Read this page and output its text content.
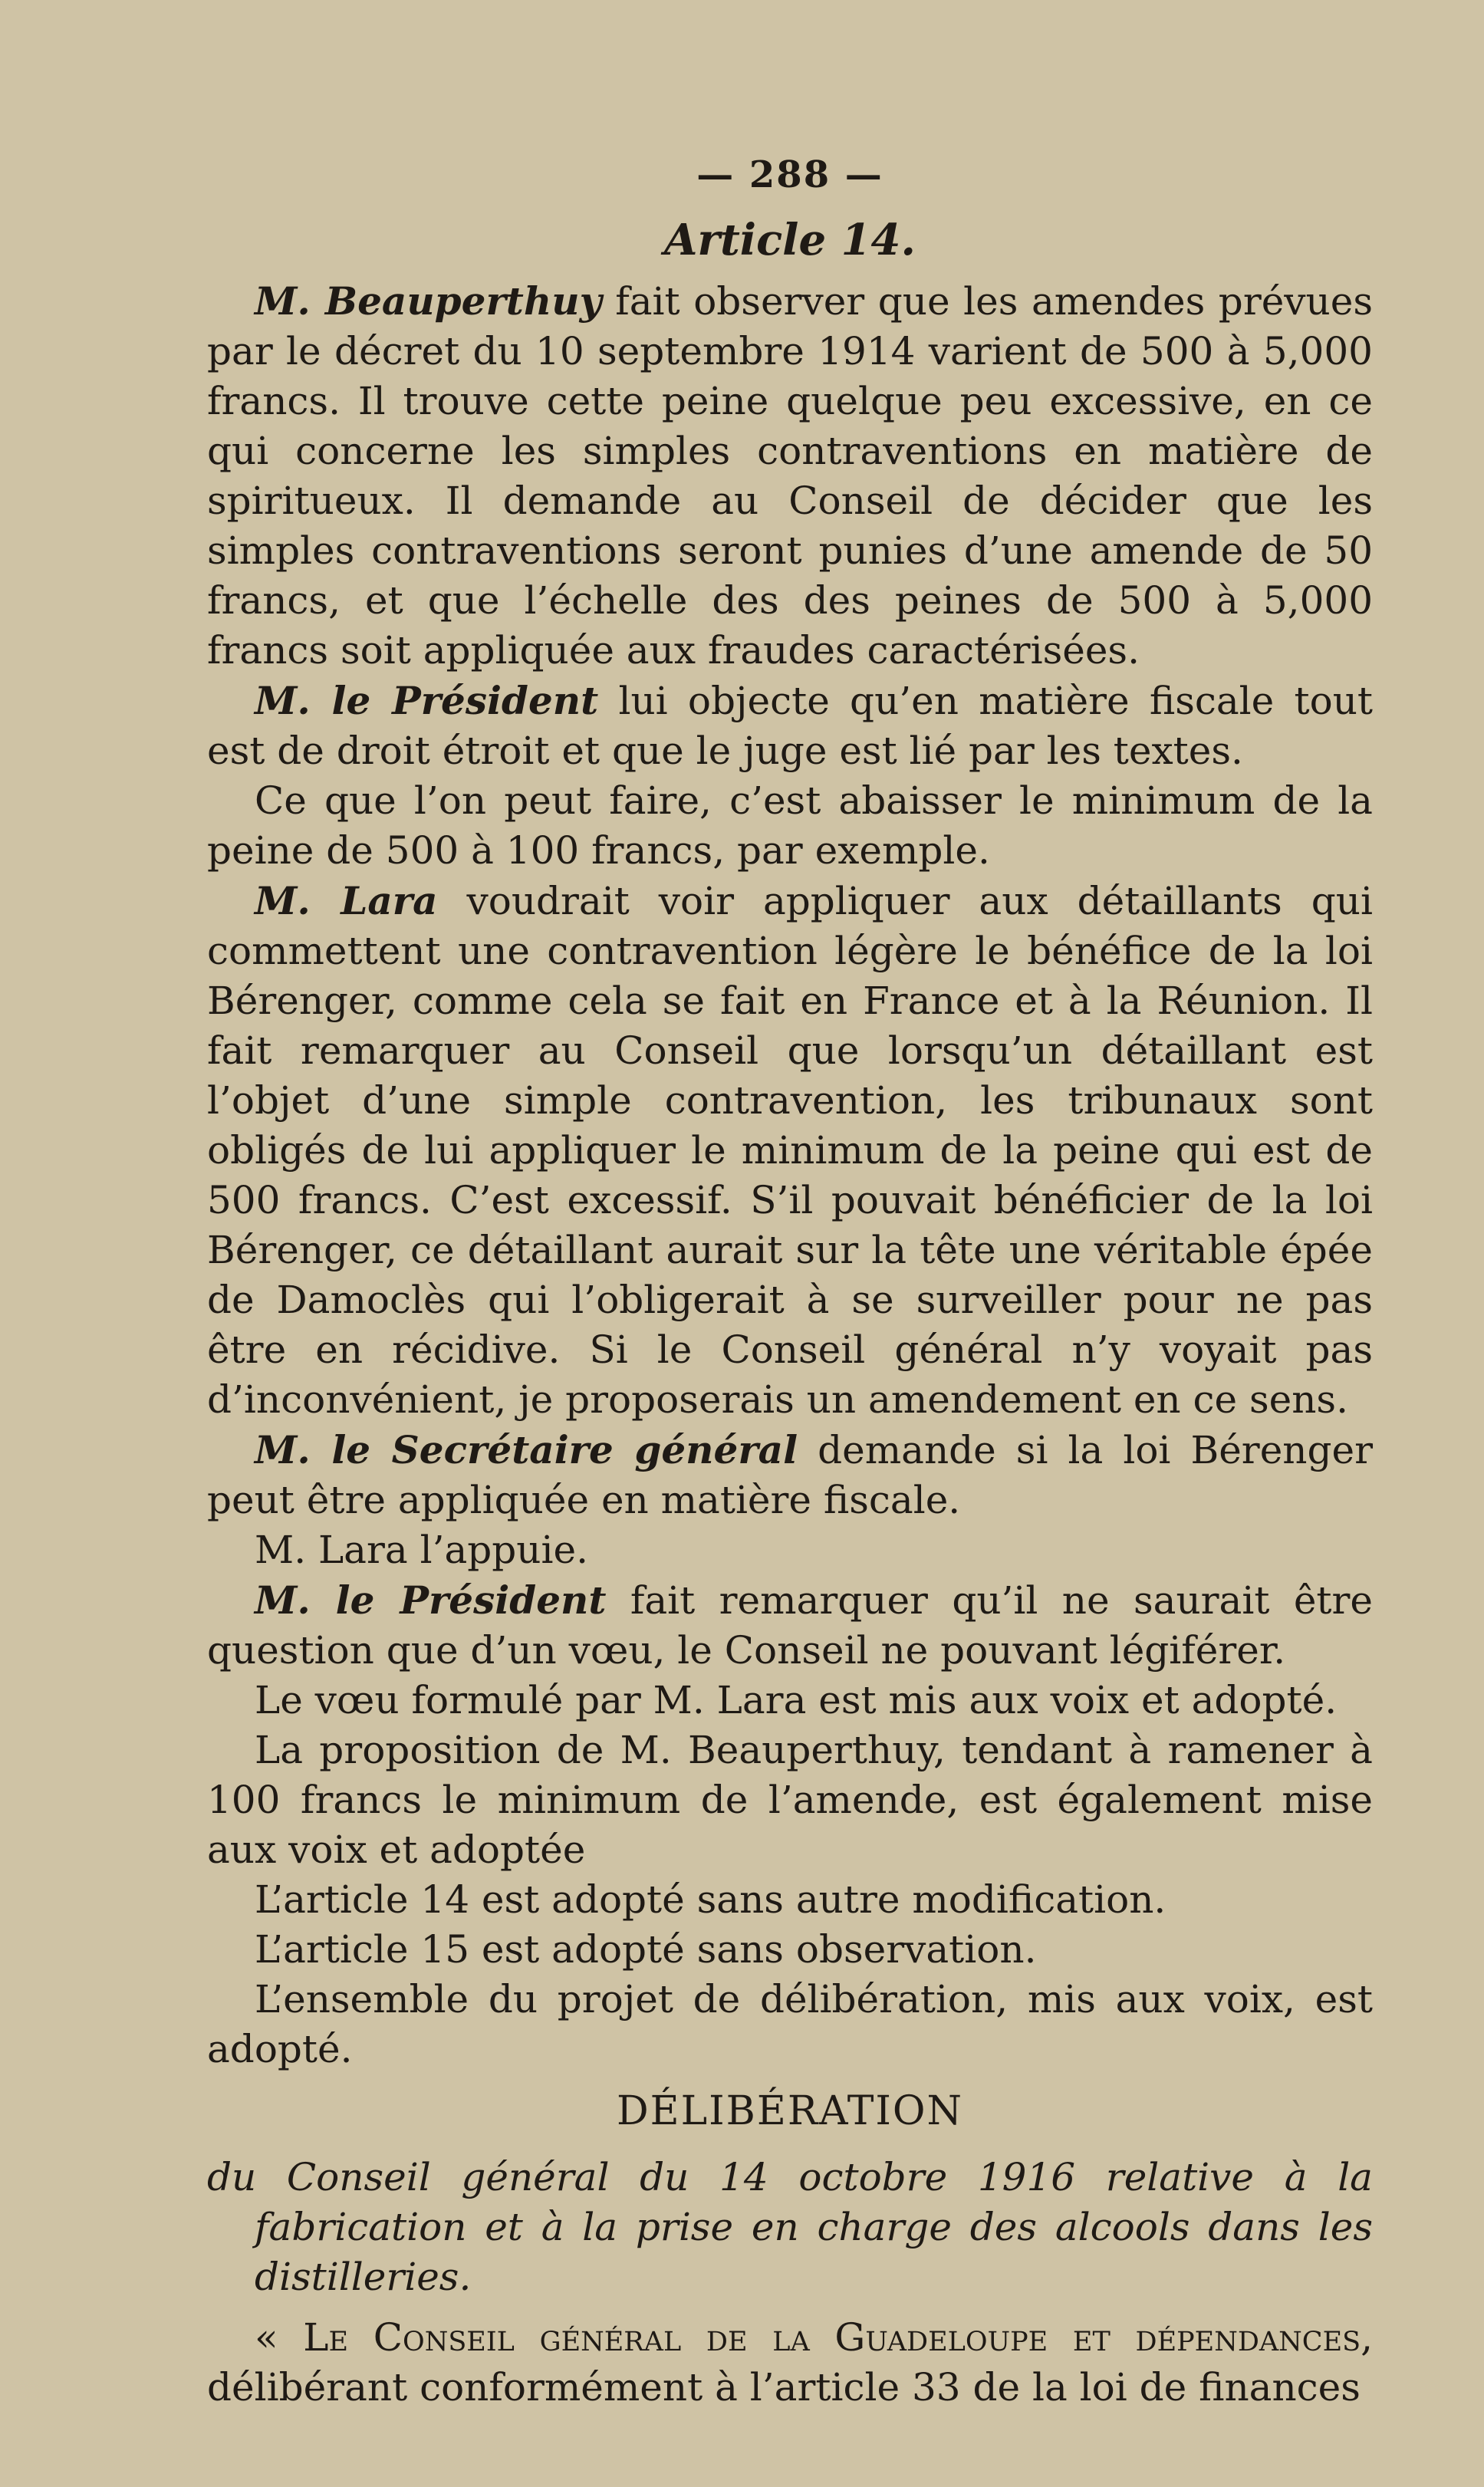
— 288 —
Article 14.

M. Beauperthuy fait observer que les amendes prévues par le décret du 10 septembre 1914 varient de 500 à 5,000 francs. Il trouve cette peine quelque peu excessive, en ce qui concerne les simples contraventions en matière de spiritueux. Il demande au Conseil de décider que les simples contraventions seront punies d’une amende de 50 francs, et que l’échelle des des peines de 500 à 5,000 francs soit appliquée aux fraudes caractérisées.

M. le Président lui objecte qu’en matière fiscale tout est de droit étroit et que le juge est lié par les textes.

Ce que l’on peut faire, c’est abaisser le minimum de la peine de 500 à 100 francs, par exemple.

M. Lara voudrait voir appliquer aux détaillants qui commettent une contravention légère le bénéfice de la loi Bérenger, comme cela se fait en France et à la Réunion. Il fait remarquer au Conseil que lorsqu’un détaillant est l’objet d’une simple contravention, les tribunaux sont obligés de lui appliquer le minimum de la peine qui est de 500 francs. C’est excessif. S’il pouvait bénéficier de la loi Bérenger, ce détaillant aurait sur la tête une véritable épée de Damoclès qui l’obligerait à se surveiller pour ne pas être en récidive. Si le Conseil général n’y voyait pas d’inconvénient, je proposerais un amendement en ce sens.

M. le Secrétaire général demande si la loi Bérenger peut être appliquée en matière fiscale.

M. Lara l’appuie.

M. le Président fait remarquer qu’il ne saurait être question que d’un vœu, le Conseil ne pouvant légiférer.

Le vœu formulé par M. Lara est mis aux voix et adopté.

La proposition de M. Beauperthuy, tendant à ramener à 100 francs le minimum de l’amende, est également mise aux voix et adoptée

L’article 14 est adopté sans autre modification.

L’article 15 est adopté sans observation.

L’ensemble du projet de délibération, mis aux voix, est adopté.

DÉLIBÉRATION

du Conseil général du 14 octobre 1916 relative à la fabrication et à la prise en charge des alcools dans les distilleries.

« Le Conseil général de la Guadeloupe et dépendances, délibérant conformément à l’article 33 de la loi de finances
